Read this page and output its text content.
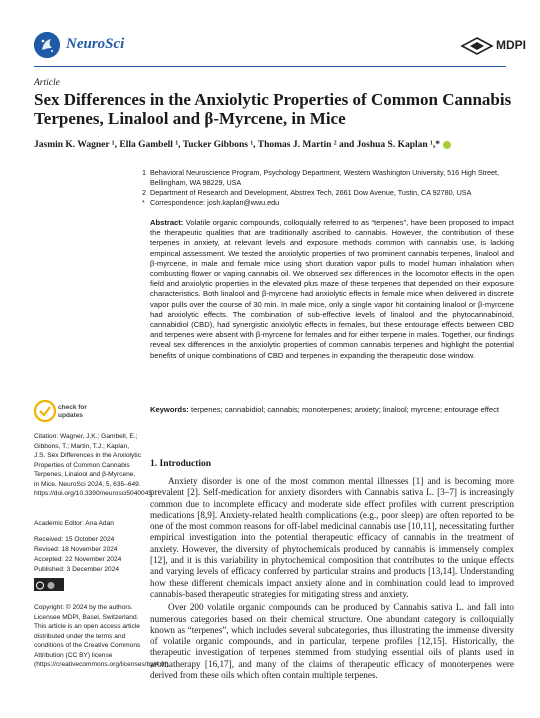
NeuroSci	MDPI
Article
Sex Differences in the Anxiolytic Properties of Common Cannabis Terpenes, Linalool and β-Myrcene, in Mice
Jasmin K. Wagner ¹, Ella Gambell ¹, Tucker Gibbons ¹, Thomas J. Martin ² and Joshua S. Kaplan ¹,*
1 Behavioral Neuroscience Program, Psychology Department, Western Washington University, 516 High Street, Bellingham, WA 98229, USA
2 Department of Research and Development, Abstrex Tech, 2661 Dow Avenue, Tustin, CA 92780, USA
* Correspondence: josh.kaplan@wwu.edu
Abstract: Volatile organic compounds, colloquially referred to as “terpenes”, have been proposed to impact the therapeutic qualities that are traditionally ascribed to cannabis. However, the contribution of these terpenes in anxiety, at relevant levels and exposure methods common with cannabis use, is lacking empirical assessment. We tested the anxiolytic properties of two prominent cannabis terpenes, linalool and β-myrcene, in male and female mice using short duration vapor pulls to model human inhalation when combusting flower or vaping cannabis oil. We observed sex differences in the locomotor effects in the open field and anxiolytic properties in the elevated plus maze of these terpenes that depended on their exposure characteristics. Both linalool and β-myrcene had anxiolytic effects in female mice when delivered in discrete vapor pulls over the course of 30 min. In male mice, only a single vapor hit containing linalool or β-myrcene had anxiolytic effects. The combination of sub-effective levels of linalool and the phytocannabinoid, cannabidiol (CBD), had synergistic anxiolytic effects in females, but these entourage effects between CBD and terpenes were absent with β-myrcene for females and for either terpene in males. Together, our findings reveal sex differences in the anxiolytic properties of common cannabis terpenes and highlight the potential benefits of unique combinations of CBD and terpenes in expanding the therapeutic dose window.
Keywords: terpenes; cannabidiol; cannabis; monoterpenes; anxiety; linalool; myrcene; entourage effect
check for updates
Citation: Wagner, J.K.; Gambell, E.; Gibbons, T.; Martin, T.J.; Kaplan, J.S. Sex Differences in the Anxiolytic Properties of Common Cannabis Terpenes, Linalool and β-Myrcene, in Mice. NeuroSci 2024, 5, 635–649. https://doi.org/10.3390/neurosci5040045
Academic Editor: Ana Adan
Received: 15 October 2024
Revised: 18 November 2024
Accepted: 22 November 2024
Published: 3 December 2024
Copyright: © 2024 by the authors. Licensee MDPI, Basel, Switzerland. This article is an open access article distributed under the terms and conditions of the Creative Commons Attribution (CC BY) license (https://creativecommons.org/licenses/by/4.0/).
1. Introduction

Anxiety disorder is one of the most common mental illnesses [1] and is becoming more prevalent [2]. Self-medication for anxiety disorders with Cannabis sativa L. [3–7] is increasingly common due to incomplete efficacy and moderate side effect profiles with current prescription medications [8,9]. Anxiety-related health complications (e.g., poor sleep) are often reported to be one of the most common reasons for off-label medicinal cannabis use [10,11], necessitating further empirical investigation into the potential therapeutic efficacy of cannabis in the treatment of anxiety. However, the diversity of phytochemicals produced by cannabis is immensely complex [12], and it is this variability in phytochemical composition that contributes to the unique effects and varying levels of efficacy conferred by particular strains and products [13,14]. Understanding how these different chemicals impact anxiety alone and in combination could lead to improved cannabis-based therapeutic strategies for mitigating stress and anxiety.

Over 200 volatile organic compounds can be produced by Cannabis sativa L. and fall into numerous categories based on their chemical structure. One abundant category is colloquially known as “terpenes”, which includes several subcategories, thus illustrating the immense diversity of volatile organic compounds, and in particular, terpene profiles [12,15]. Historically, the therapeutic investigation of terpenes stemmed from studying essential oils of plants used in aromatherapy [16,17], and many of the claims of therapeutic efficacy of monoterpenes were derived from these oils which often contain multiple terpenes.
